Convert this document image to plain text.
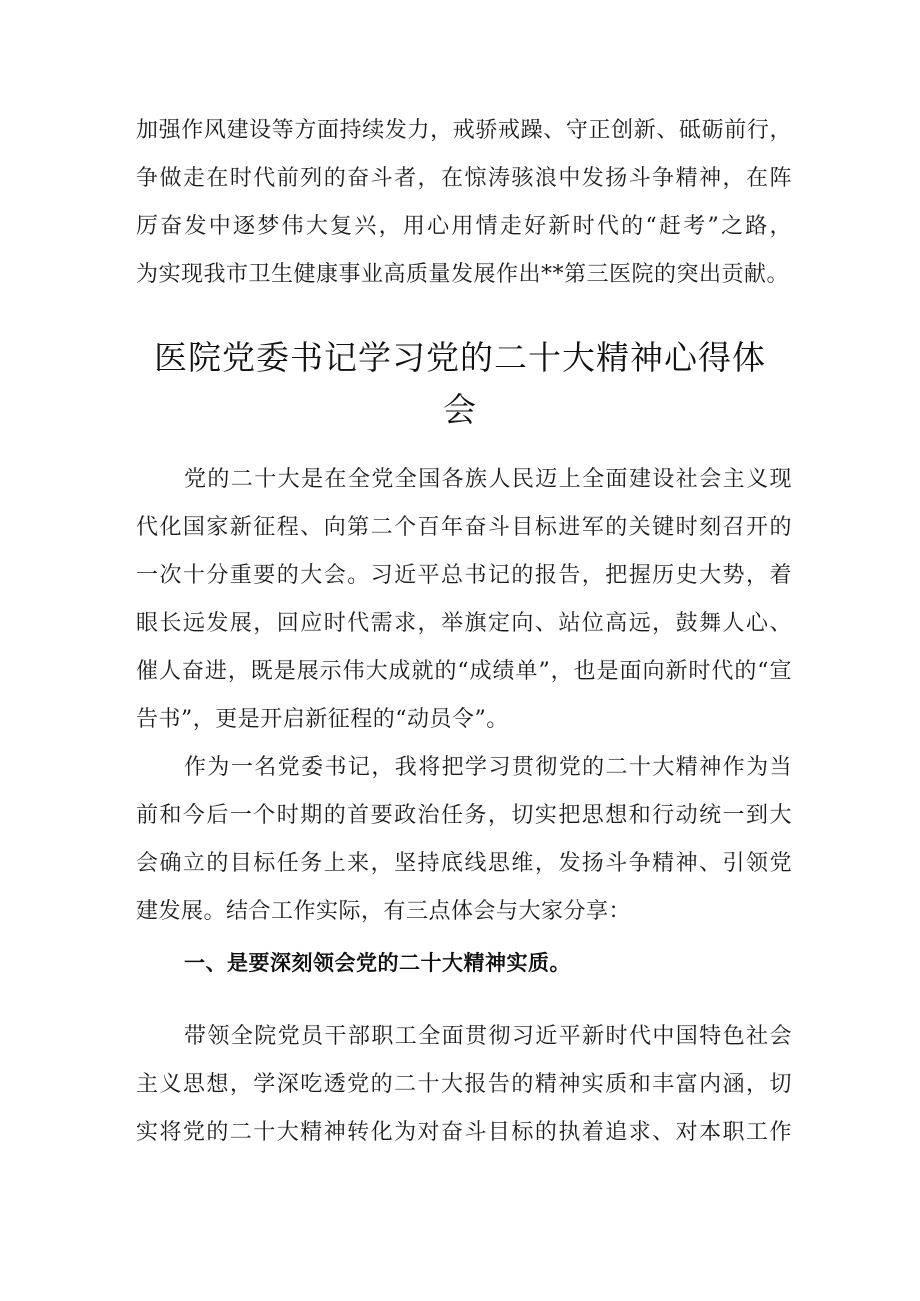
加强作风建设等方面持续发力，戒骄戒躁、守正创新、砥砺前行，
争做走在时代前列的奋斗者，在惊涛骇浪中发扬斗争精神，在阵
厉奋发中逐梦伟大复兴，用心用情走好新时代的“赶考”之路，
为实现我市卫生健康事业高质量发展作出**第三医院的突出贡献。
医院党委书记学习党的二十大精神心得体
会
党的二十大是在全党全国各族人民迈上全面建设社会主义现
代化国家新征程、向第二个百年奋斗目标进军的关键时刻召开的
一次十分重要的大会。习近平总书记的报告，把握历史大势，着
眼长远发展，回应时代需求，举旗定向、站位高远，鼓舞人心、
催人奋进，既是展示伟大成就的“成绩单”，也是面向新时代的“宣
告书”，更是开启新征程的“动员令”。
作为一名党委书记，我将把学习贯彻党的二十大精神作为当
前和今后一个时期的首要政治任务，切实把思想和行动统一到大
会确立的目标任务上来，坚持底线思维，发扬斗争精神、引领党
建发展。结合工作实际，有三点体会与大家分享：
一、是要深刻领会党的二十大精神实质。
带领全院党员干部职工全面贯彻习近平新时代中国特色社会
主义思想，学深吃透党的二十大报告的精神实质和丰富内涵，切
实将党的二十大精神转化为对奋斗目标的执着追求、对本职工作
